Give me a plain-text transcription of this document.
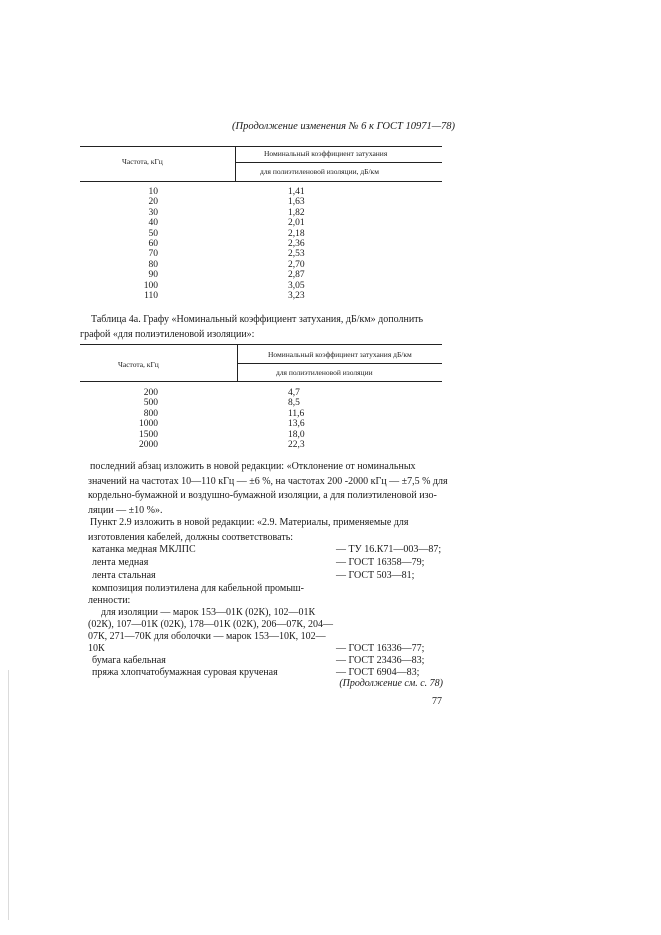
(Продолжение изменения № 6 к ГОСТ 10971—78)
Частота, кГц
Номинальный коэффициент затухания
для полиэтиленовой изоляции, дБ/км
10	1,41
20	1,63
30	1,82
40	2,01
50	2,18
60	2,36
70	2,53
80	2,70
90	2,87
100	3,05
110	3,23
Таблица 4а. Графу «Номинальный коэффициент затухания, дБ/км» дополнить
графой «для полиэтиленовой изоляции»:
Частота, кГц
Номинальный коэффициент затухания дБ/км
для полиэтиленовой изоляции
200	4,7
500	8,5
800	11,6
1000	13,6
1500	18,0
2000	22,3
последний абзац изложить в новой редакции: «Отклонение от номинальных
значений на частотах 10—110 кГц — ±6 %, на частотах 200 -2000 кГц — ±7,5 % для
кордельно-бумажной и воздушно-бумажной изоляции, а для полиэтиленовой изо-
ляции — ±10 %».
Пункт 2.9 изложить в новой редакции: «2.9. Материалы, применяемые для
изготовления кабелей, должны соответствовать:
катанка медная МКЛПС	— ТУ 16.К71—003—87;
лента медная	— ГОСТ 16358—79;
лента стальная	— ГОСТ 503—81;
композиция полиэтилена для кабельной промыш-
ленности:
для изоляции — марок 153—01К (02К), 102—01К
(02К), 107—01К (02К), 178—01К (02К), 206—07К, 204—
07К, 271—70К для оболочки — марок 153—10К, 102—
10К	— ГОСТ 16336—77;
бумага кабельная	— ГОСТ 23436—83;
пряжа хлопчатобумажная суровая крученая	— ГОСТ 6904—83;
(Продолжение см. с. 78)
77
